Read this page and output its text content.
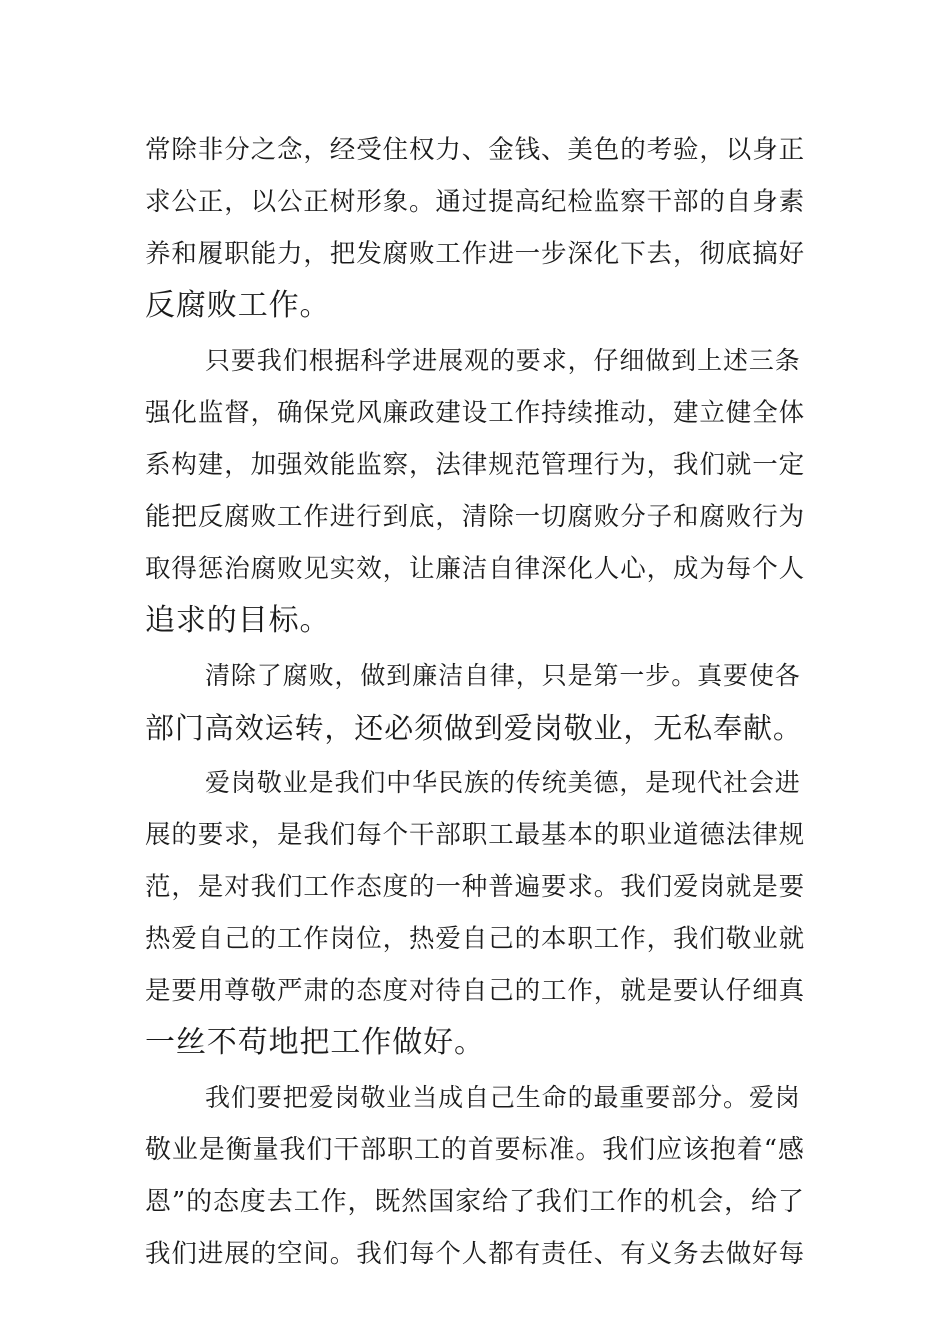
常除非分之念，经受住权力、金钱、美色的考验，以身正
求公正，以公正树形象。通过提高纪检监察干部的自身素
养和履职能力，把发腐败工作进一步深化下去，彻底搞好
反腐败工作。
只要我们根据科学进展观的要求，仔细做到上述三条
强化监督，确保党风廉政建设工作持续推动，建立健全体
系构建，加强效能监察，法律规范管理行为，我们就一定
能把反腐败工作进行到底，清除一切腐败分子和腐败行为
取得惩治腐败见实效，让廉洁自律深化人心，成为每个人
追求的目标。
清除了腐败，做到廉洁自律，只是第一步。真要使各
部门高效运转，还必须做到爱岗敬业，无私奉献。
爱岗敬业是我们中华民族的传统美德，是现代社会进
展的要求，是我们每个干部职工最基本的职业道德法律规
范，是对我们工作态度的一种普遍要求。我们爱岗就是要
热爱自己的工作岗位，热爱自己的本职工作，我们敬业就
是要用尊敬严肃的态度对待自己的工作，就是要认仔细真
一丝不苟地把工作做好。
我们要把爱岗敬业当成自己生命的最重要部分。爱岗
敬业是衡量我们干部职工的首要标准。我们应该抱着“感
恩”的态度去工作，既然国家给了我们工作的机会，给了
我们进展的空间。我们每个人都有责任、有义务去做好每
